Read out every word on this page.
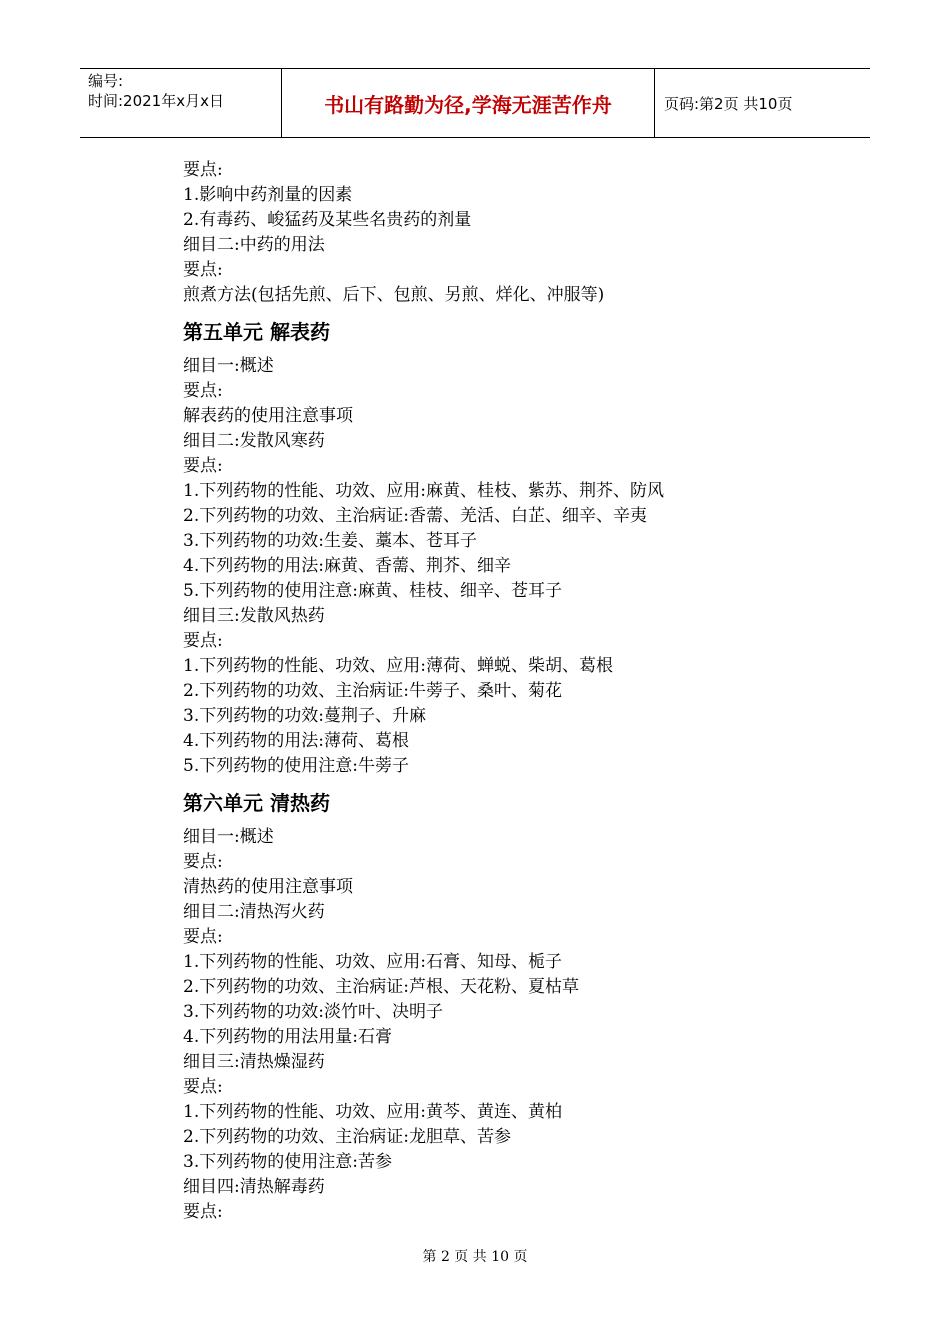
编号:
时间:2021年x月x日	书山有路勤为径,学海无涯苦作舟	页码:第2页 共10页
要点:
1.影响中药剂量的因素
2.有毒药、峻猛药及某些名贵药的剂量
细目二:中药的用法
要点:
煎煮方法(包括先煎、后下、包煎、另煎、烊化、冲服等)
第五单元 解表药
细目一:概述
要点:
解表药的使用注意事项
细目二:发散风寒药
要点:
1.下列药物的性能、功效、应用:麻黄、桂枝、紫苏、荆芥、防风
2.下列药物的功效、主治病证:香薷、羌活、白芷、细辛、辛夷
3.下列药物的功效:生姜、藁本、苍耳子
4.下列药物的用法:麻黄、香薷、荆芥、细辛
5.下列药物的使用注意:麻黄、桂枝、细辛、苍耳子
细目三:发散风热药
要点:
1.下列药物的性能、功效、应用:薄荷、蝉蜕、柴胡、葛根
2.下列药物的功效、主治病证:牛蒡子、桑叶、菊花
3.下列药物的功效:蔓荆子、升麻
4.下列药物的用法:薄荷、葛根
5.下列药物的使用注意:牛蒡子
第六单元 清热药
细目一:概述
要点:
清热药的使用注意事项
细目二:清热泻火药
要点:
1.下列药物的性能、功效、应用:石膏、知母、栀子
2.下列药物的功效、主治病证:芦根、天花粉、夏枯草
3.下列药物的功效:淡竹叶、决明子
4.下列药物的用法用量:石膏
细目三:清热燥湿药
要点:
1.下列药物的性能、功效、应用:黄芩、黄连、黄柏
2.下列药物的功效、主治病证:龙胆草、苦参
3.下列药物的使用注意:苦参
细目四:清热解毒药
要点:
第 2 页 共 10 页
